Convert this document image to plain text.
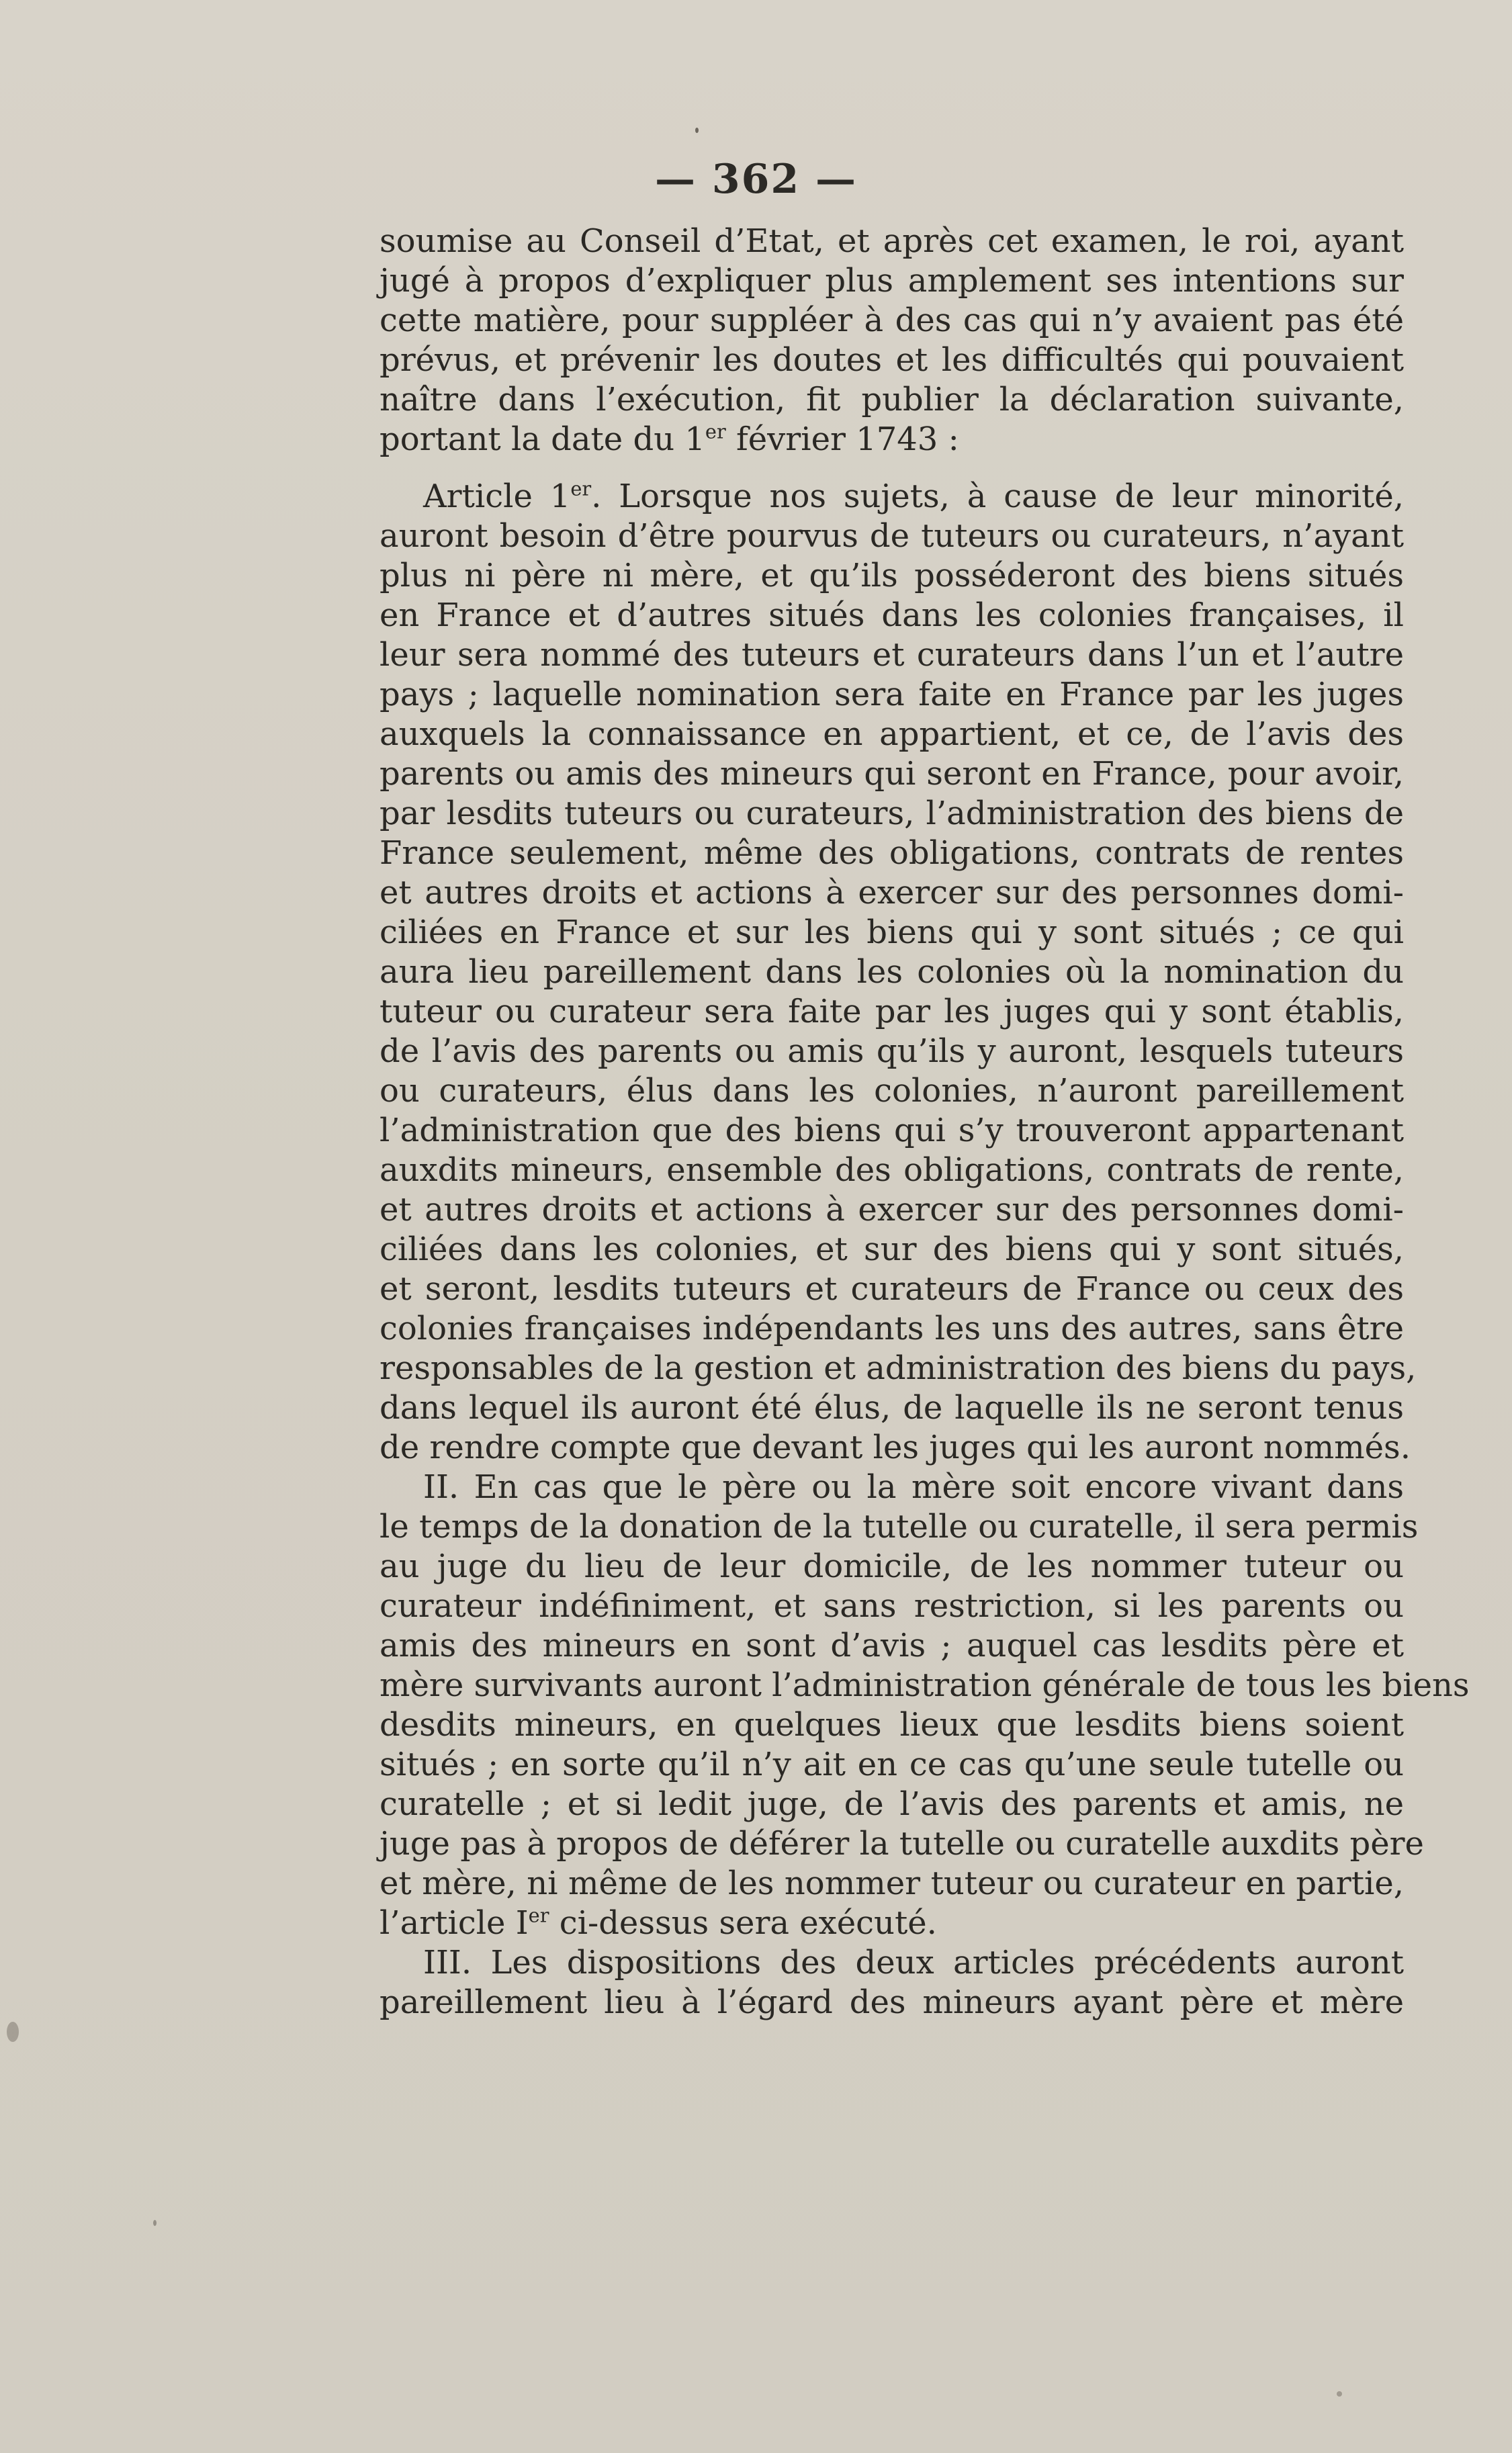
— 362 —
soumise au Conseil d’Etat, et après cet examen, le roi, ayant
jugé à propos d’expliquer plus amplement ses intentions sur
cette matière, pour suppléer à des cas qui n’y avaient pas été
prévus, et prévenir les doutes et les difficultés qui pouvaient
naître dans l’exécution, fit publier la déclaration suivante,
portant la date du 1er février 1743 :
Article 1er. Lorsque nos sujets, à cause de leur minorité,
auront besoin d’être pourvus de tuteurs ou curateurs, n’ayant
plus ni père ni mère, et qu’ils posséderont des biens situés
en France et d’autres situés dans les colonies françaises, il
leur sera nommé des tuteurs et curateurs dans l’un et l’autre
pays ; laquelle nomination sera faite en France par les juges
auxquels la connaissance en appartient, et ce, de l’avis des
parents ou amis des mineurs qui seront en France, pour avoir,
par lesdits tuteurs ou curateurs, l’administration des biens de
France seulement, même des obligations, contrats de rentes
et autres droits et actions à exercer sur des personnes domi-
ciliées en France et sur les biens qui y sont situés ; ce qui
aura lieu pareillement dans les colonies où la nomination du
tuteur ou curateur sera faite par les juges qui y sont établis,
de l’avis des parents ou amis qu’ils y auront, lesquels tuteurs
ou curateurs, élus dans les colonies, n’auront pareillement
l’administration que des biens qui s’y trouveront appartenant
auxdits mineurs, ensemble des obligations, contrats de rente,
et autres droits et actions à exercer sur des personnes domi-
ciliées dans les colonies, et sur des biens qui y sont situés,
et seront, lesdits tuteurs et curateurs de France ou ceux des
colonies françaises indépendants les uns des autres, sans être
responsables de la gestion et administration des biens du pays,
dans lequel ils auront été élus, de laquelle ils ne seront tenus
de rendre compte que devant les juges qui les auront nommés.
II. En cas que le père ou la mère soit encore vivant dans
le temps de la donation de la tutelle ou curatelle, il sera permis
au juge du lieu de leur domicile, de les nommer tuteur ou
curateur indéfiniment, et sans restriction, si les parents ou
amis des mineurs en sont d’avis ; auquel cas lesdits père et
mère survivants auront l’administration générale de tous les biens
desdits mineurs, en quelques lieux que lesdits biens soient
situés ; en sorte qu’il n’y ait en ce cas qu’une seule tutelle ou
curatelle ; et si ledit juge, de l’avis des parents et amis, ne
juge pas à propos de déférer la tutelle ou curatelle auxdits père
et mère, ni même de les nommer tuteur ou curateur en partie,
l’article Ier ci-dessus sera exécuté.
III. Les dispositions des deux articles précédents auront
pareillement lieu à l’égard des mineurs ayant père et mère
